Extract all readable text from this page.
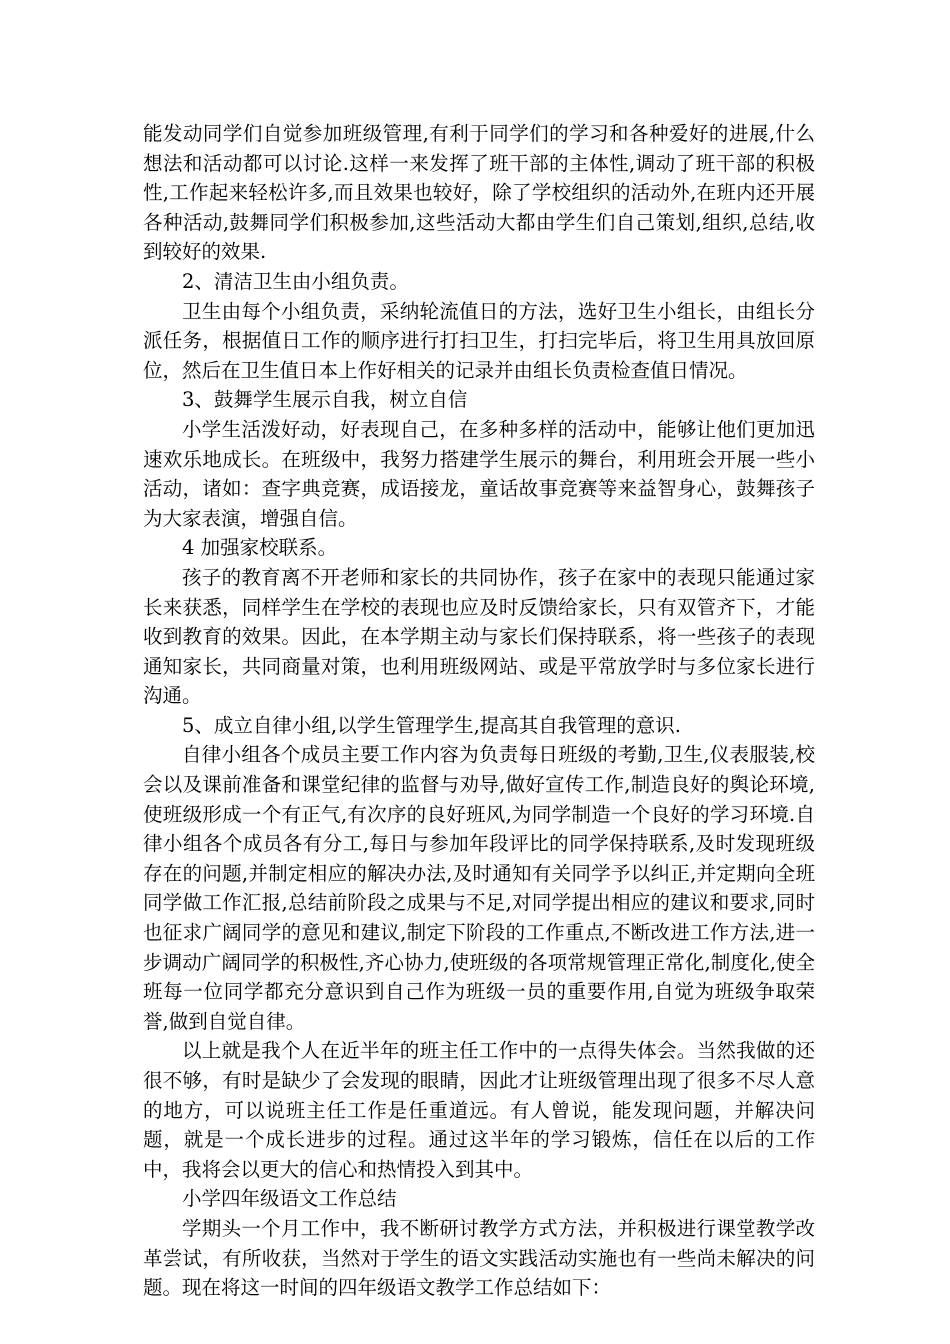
能发动同学们自觉参加班级管理,有利于同学们的学习和各种爱好的进展,什么想法和活动都可以讨论.这样一来发挥了班干部的主体性,调动了班干部的积极性,工作起来轻松许多,而且效果也较好，除了学校组织的活动外,在班内还开展各种活动,鼓舞同学们积极参加,这些活动大都由学生们自己策划,组织,总结,收到较好的效果.

2、清洁卫生由小组负责。

卫生由每个小组负责，采纳轮流值日的方法，选好卫生小组长，由组长分派任务，根据值日工作的顺序进行打扫卫生，打扫完毕后，将卫生用具放回原位，然后在卫生值日本上作好相关的记录并由组长负责检查值日情况。

3、鼓舞学生展示自我，树立自信

小学生活泼好动，好表现自己，在多种多样的活动中，能够让他们更加迅速欢乐地成长。在班级中，我努力搭建学生展示的舞台，利用班会开展一些小活动，诸如：查字典竞赛，成语接龙，童话故事竞赛等来益智身心，鼓舞孩子为大家表演，增强自信。

4 加强家校联系。

孩子的教育离不开老师和家长的共同协作，孩子在家中的表现只能通过家长来获悉，同样学生在学校的表现也应及时反馈给家长，只有双管齐下，才能收到教育的效果。因此，在本学期主动与家长们保持联系，将一些孩子的表现通知家长，共同商量对策，也利用班级网站、或是平常放学时与多位家长进行沟通。

5、成立自律小组,以学生管理学生,提高其自我管理的意识.

自律小组各个成员主要工作内容为负责每日班级的考勤,卫生,仪表服装,校会以及课前准备和课堂纪律的监督与劝导,做好宣传工作,制造良好的舆论环境,使班级形成一个有正气,有次序的良好班风,为同学制造一个良好的学习环境.自律小组各个成员各有分工,每日与参加年段评比的同学保持联系,及时发现班级存在的问题,并制定相应的解决办法,及时通知有关同学予以纠正,并定期向全班同学做工作汇报,总结前阶段之成果与不足,对同学提出相应的建议和要求,同时也征求广阔同学的意见和建议,制定下阶段的工作重点,不断改进工作方法,进一步调动广阔同学的积极性,齐心协力,使班级的各项常规管理正常化,制度化,使全班每一位同学都充分意识到自己作为班级一员的重要作用,自觉为班级争取荣誉,做到自觉自律。

以上就是我个人在近半年的班主任工作中的一点得失体会。当然我做的还很不够，有时是缺少了会发现的眼睛，因此才让班级管理出现了很多不尽人意的地方，可以说班主任工作是任重道远。有人曾说，能发现问题，并解决问题，就是一个成长进步的过程。通过这半年的学习锻炼，信任在以后的工作中，我将会以更大的信心和热情投入到其中。

小学四年级语文工作总结

学期头一个月工作中，我不断研讨教学方式方法，并积极进行课堂教学改革尝试，有所收获，当然对于学生的语文实践活动实施也有一些尚未解决的问题。现在将这一时间的四年级语文教学工作总结如下：
